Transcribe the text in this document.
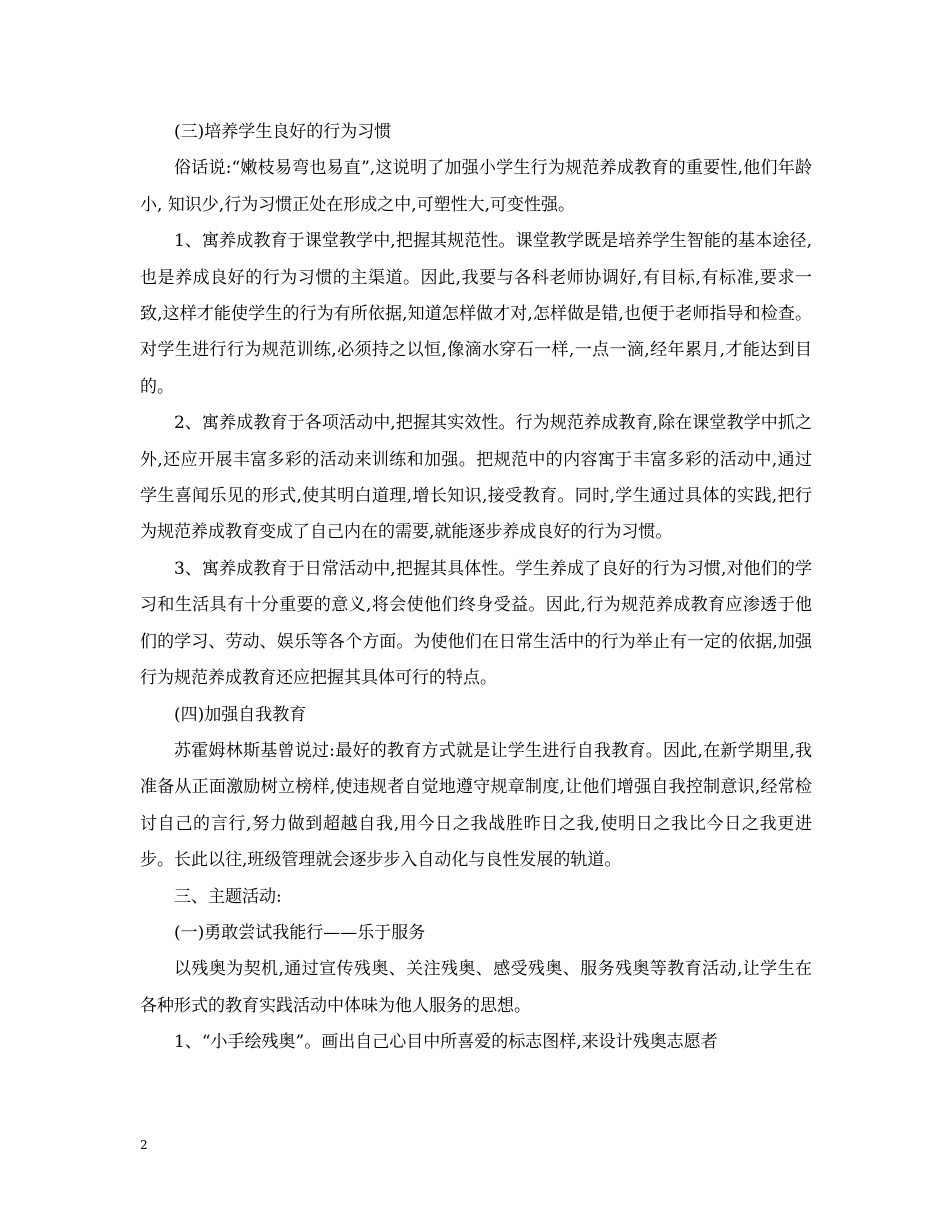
(三)培养学生良好的行为习惯

俗话说:“嫩枝易弯也易直”,这说明了加强小学生行为规范养成教育的重要性,他们年龄小, 知识少,行为习惯正处在形成之中,可塑性大,可变性强。

1、寓养成教育于课堂教学中,把握其规范性。课堂教学既是培养学生智能的基本途径,也是养成良好的行为习惯的主渠道。因此,我要与各科老师协调好,有目标,有标准,要求一致,这样才能使学生的行为有所依据,知道怎样做才对,怎样做是错,也便于老师指导和检查。对学生进行行为规范训练,必须持之以恒,像滴水穿石一样,一点一滴,经年累月,才能达到目的。

2、寓养成教育于各项活动中,把握其实效性。行为规范养成教育,除在课堂教学中抓之外,还应开展丰富多彩的活动来训练和加强。把规范中的内容寓于丰富多彩的活动中,通过学生喜闻乐见的形式,使其明白道理,增长知识,接受教育。同时,学生通过具体的实践,把行为规范养成教育变成了自己内在的需要,就能逐步养成良好的行为习惯。

3、寓养成教育于日常活动中,把握其具体性。学生养成了良好的行为习惯,对他们的学习和生活具有十分重要的意义,将会使他们终身受益。因此,行为规范养成教育应渗透于他们的学习、劳动、娱乐等各个方面。为使他们在日常生活中的行为举止有一定的依据,加强行为规范养成教育还应把握其具体可行的特点。

(四)加强自我教育

苏霍姆林斯基曾说过:最好的教育方式就是让学生进行自我教育。因此,在新学期里,我准备从正面激励树立榜样,使违规者自觉地遵守规章制度,让他们增强自我控制意识,经常检讨自己的言行,努力做到超越自我,用今日之我战胜昨日之我,使明日之我比今日之我更进步。长此以往,班级管理就会逐步步入自动化与良性发展的轨道。

三、主题活动:

(一)勇敢尝试我能行——乐于服务

以残奥为契机,通过宣传残奥、关注残奥、感受残奥、服务残奥等教育活动,让学生在各种形式的教育实践活动中体味为他人服务的思想。

1、“小手绘残奥”。画出自己心目中所喜爱的标志图样,来设计残奥志愿者

2
